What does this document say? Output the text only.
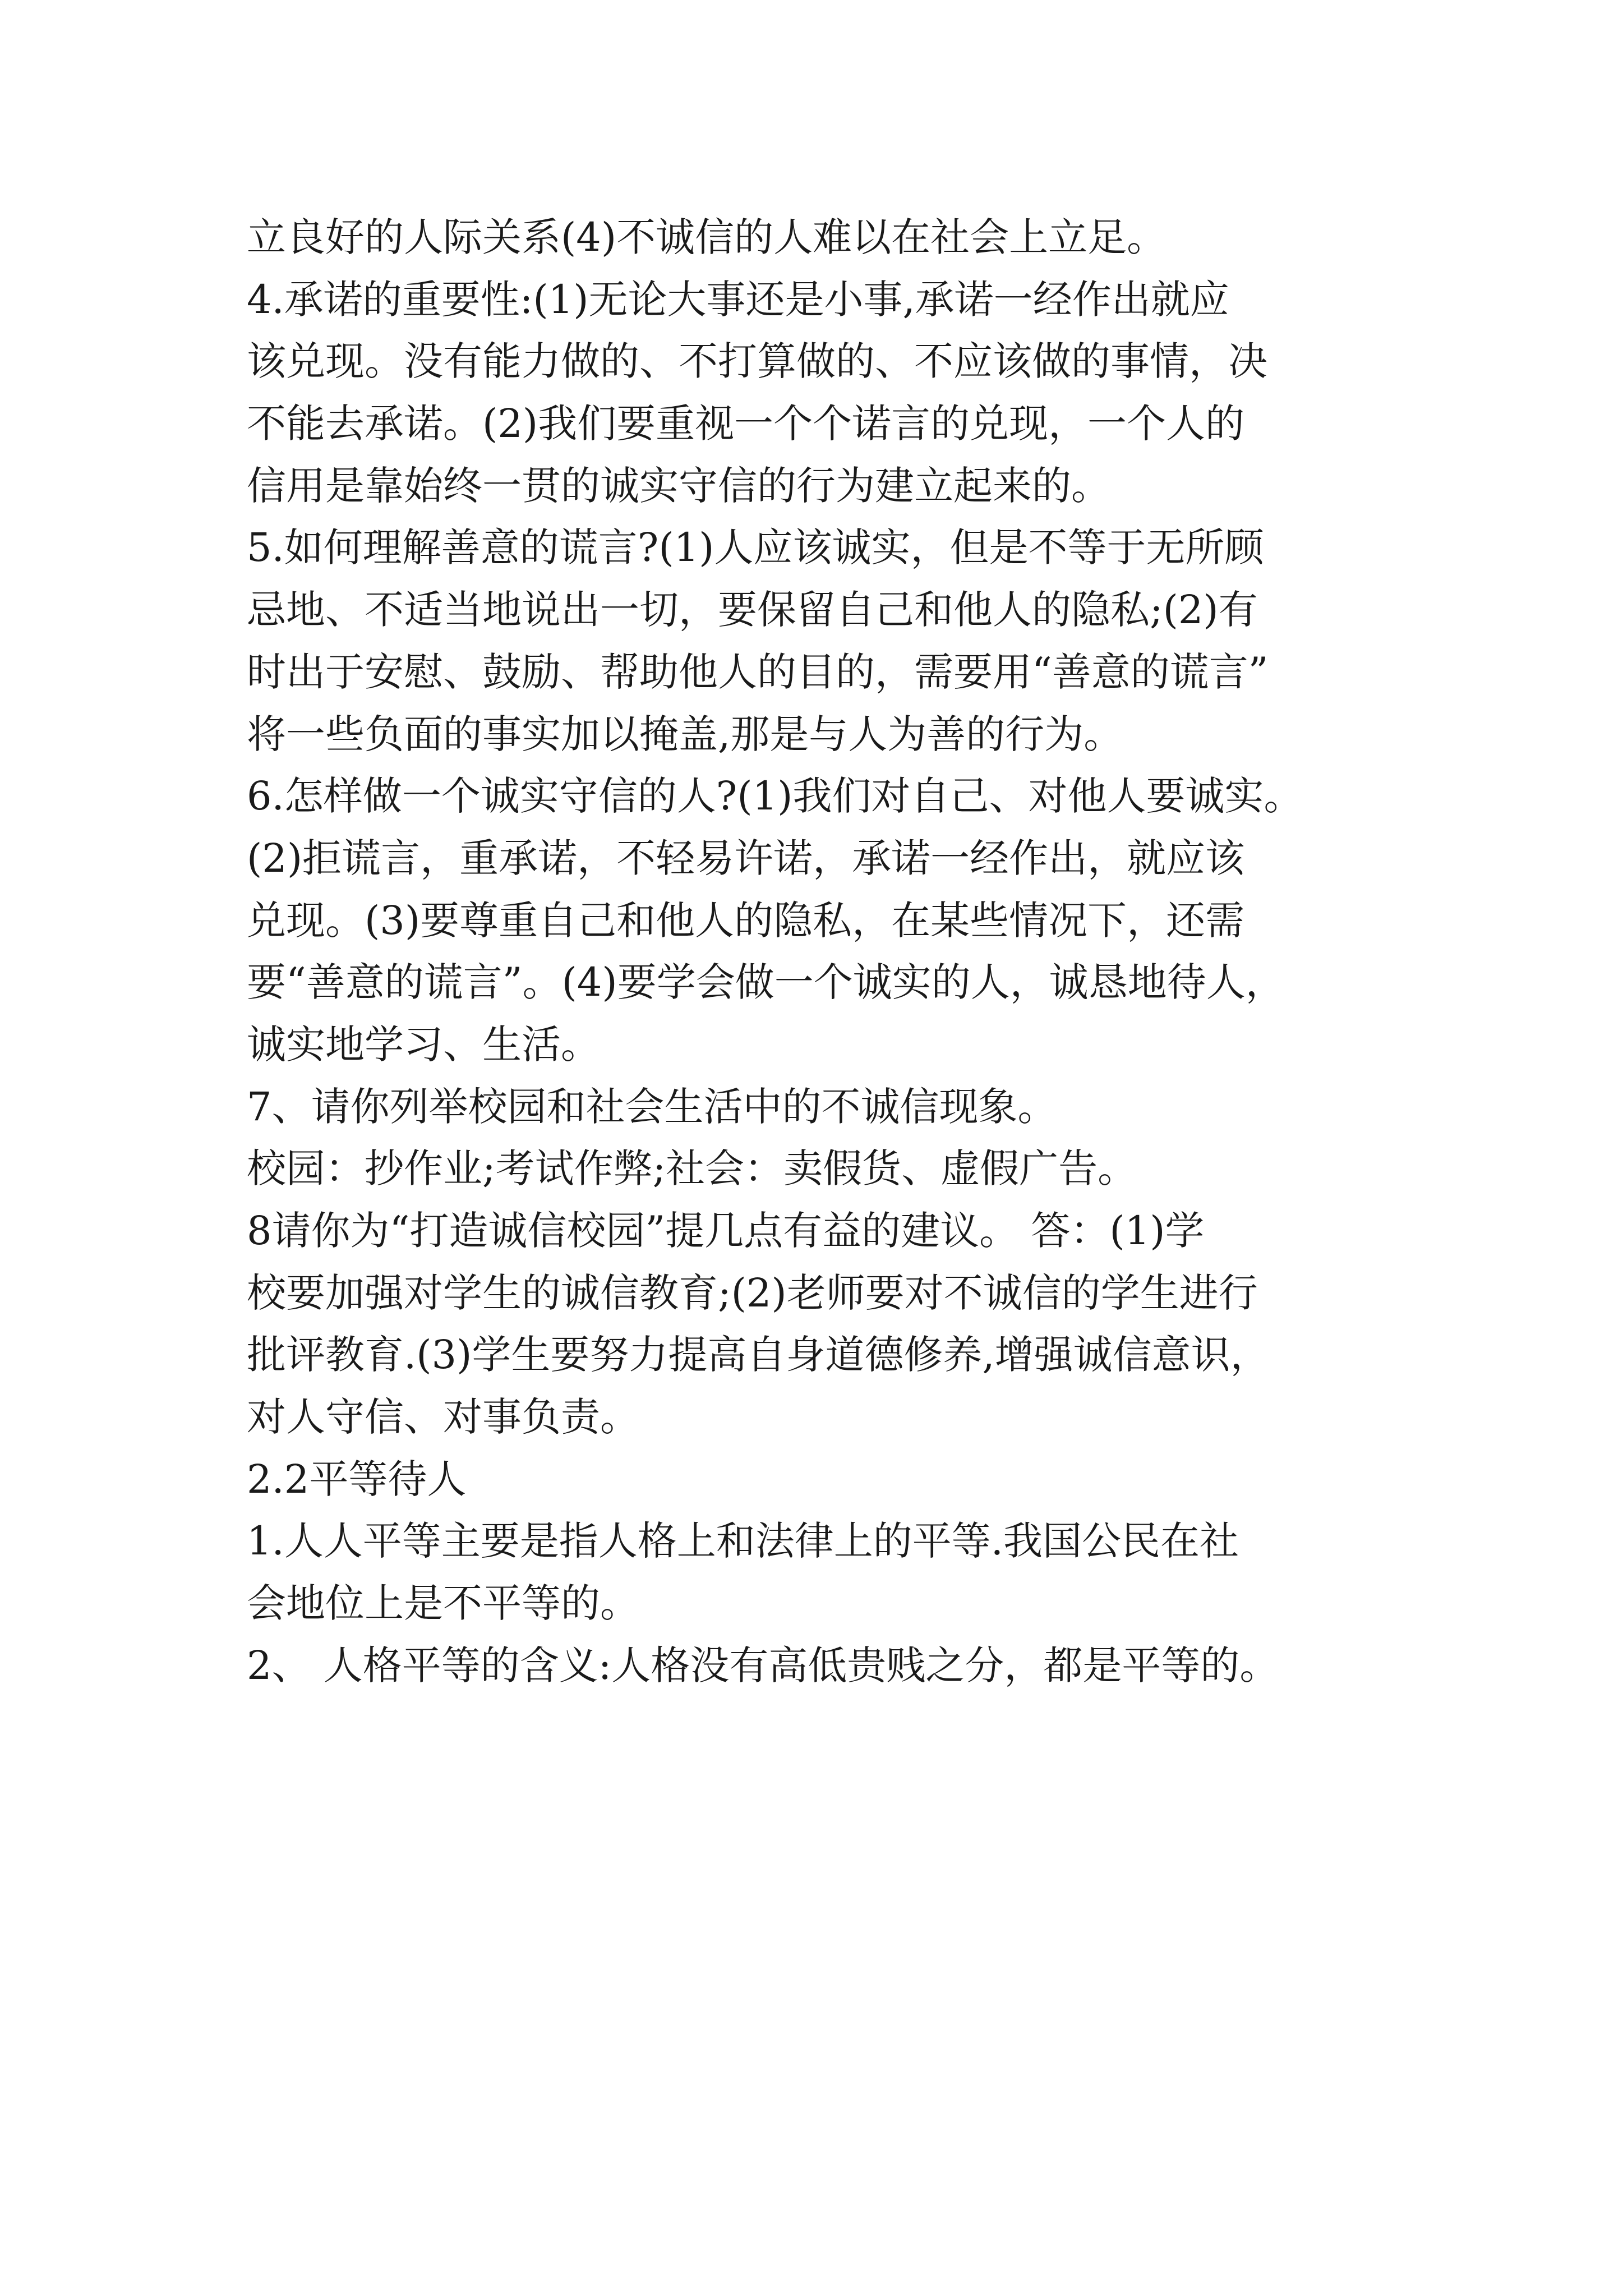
立良好的人际关系(4)不诚信的人难以在社会上立足。
4.承诺的重要性:(1)无论大事还是小事,承诺一经作出就应
该兑现。没有能力做的、不打算做的、不应该做的事情，决
不能去承诺。(2)我们要重视一个个诺言的兑现，一个人的
信用是靠始终一贯的诚实守信的行为建立起来的。
5.如何理解善意的谎言?(1)人应该诚实，但是不等于无所顾
忌地、不适当地说出一切，要保留自己和他人的隐私;(2)有
时出于安慰、鼓励、帮助他人的目的，需要用“善意的谎言”
将一些负面的事实加以掩盖,那是与人为善的行为。
6.怎样做一个诚实守信的人?(1)我们对自己、对他人要诚实。
(2)拒谎言，重承诺，不轻易许诺，承诺一经作出，就应该
兑现。(3)要尊重自己和他人的隐私，在某些情况下，还需
要“善意的谎言”。(4)要学会做一个诚实的人，诚恳地待人，
诚实地学习、生活。
7、请你列举校园和社会生活中的不诚信现象。
校园：抄作业;考试作弊;社会：卖假货、虚假广告。
8请你为“打造诚信校园”提几点有益的建议。 答：(1)学
校要加强对学生的诚信教育;(2)老师要对不诚信的学生进行
批评教育.(3)学生要努力提高自身道德修养,增强诚信意识，
对人守信、对事负责。
2.2平等待人
1.人人平等主要是指人格上和法律上的平等.我国公民在社
会地位上是不平等的。
2、 人格平等的含义:人格没有高低贵贱之分，都是平等的。
